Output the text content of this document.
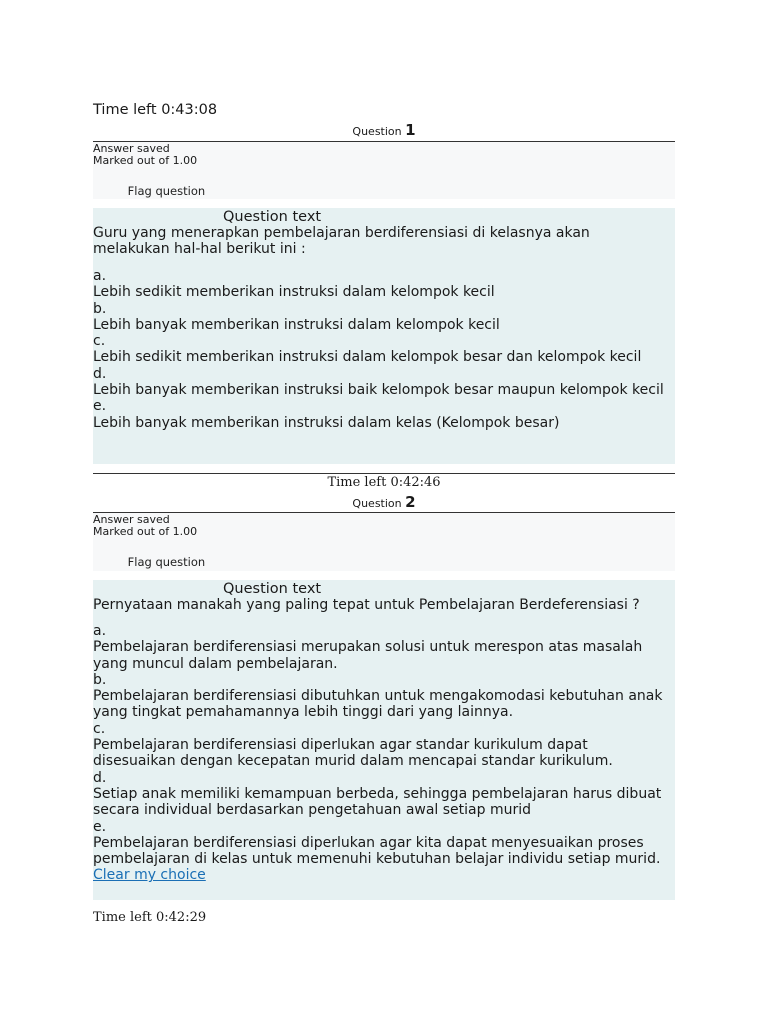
Time left 0:43:08
Question 1
Answer saved
Marked out of 1.00
Flag question
Question text
Guru yang menerapkan pembelajaran berdiferensiasi di kelasnya akan melakukan hal-hal berikut ini :
a.
Lebih sedikit memberikan instruksi dalam kelompok kecil
b.
Lebih banyak memberikan instruksi dalam kelompok kecil
c.
Lebih sedikit memberikan instruksi dalam kelompok besar dan kelompok kecil
d.
Lebih banyak memberikan instruksi baik kelompok besar maupun kelompok kecil
e.
Lebih banyak memberikan instruksi dalam kelas (Kelompok besar)
Time left 0:42:46
Question 2
Answer saved
Marked out of 1.00
Flag question
Question text
Pernyataan manakah yang paling tepat untuk Pembelajaran Berdeferensiasi ?
a.
Pembelajaran berdiferensiasi merupakan solusi untuk merespon atas masalah yang muncul dalam pembelajaran.
b.
Pembelajaran berdiferensiasi dibutuhkan untuk mengakomodasi kebutuhan anak yang tingkat pemahamannya lebih tinggi dari yang lainnya.
c.
Pembelajaran berdiferensiasi diperlukan agar standar kurikulum dapat disesuaikan dengan kecepatan murid dalam mencapai standar kurikulum.
d.
Setiap anak memiliki kemampuan berbeda, sehingga pembelajaran harus dibuat secara individual berdasarkan pengetahuan awal setiap murid
e.
Pembelajaran berdiferensiasi diperlukan agar kita dapat menyesuaikan proses pembelajaran di kelas untuk memenuhi kebutuhan belajar individu setiap murid.
Clear my choice
Time left 0:42:29
